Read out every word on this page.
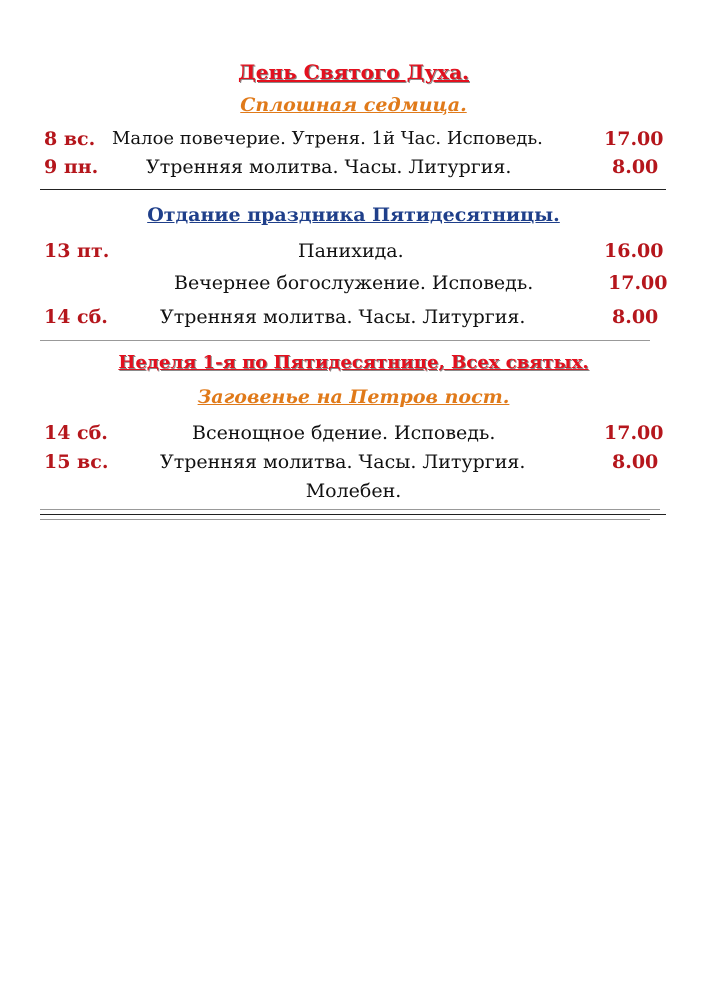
День Святого Духа.
Сплошная седмица.
8 вс. Малое повечерие. Утреня. 1й Час. Исповедь.	17.00
9 пн.	Утренняя молитва. Часы. Литургия.	8.00
Отдание праздника Пятидесятницы.
13 пт.	Панихида.	16.00
Вечернее богослужение. Исповедь.	17.00
14 сб.	Утренняя молитва. Часы. Литургия.	8.00
Неделя 1-я по Пятидесятнице, Всех святых.
Заговенье на Петров пост.
14 сб.	Всенощное бдение. Исповедь.	17.00
15 вс.	Утренняя молитва. Часы. Литургия.	8.00
Молебен.
